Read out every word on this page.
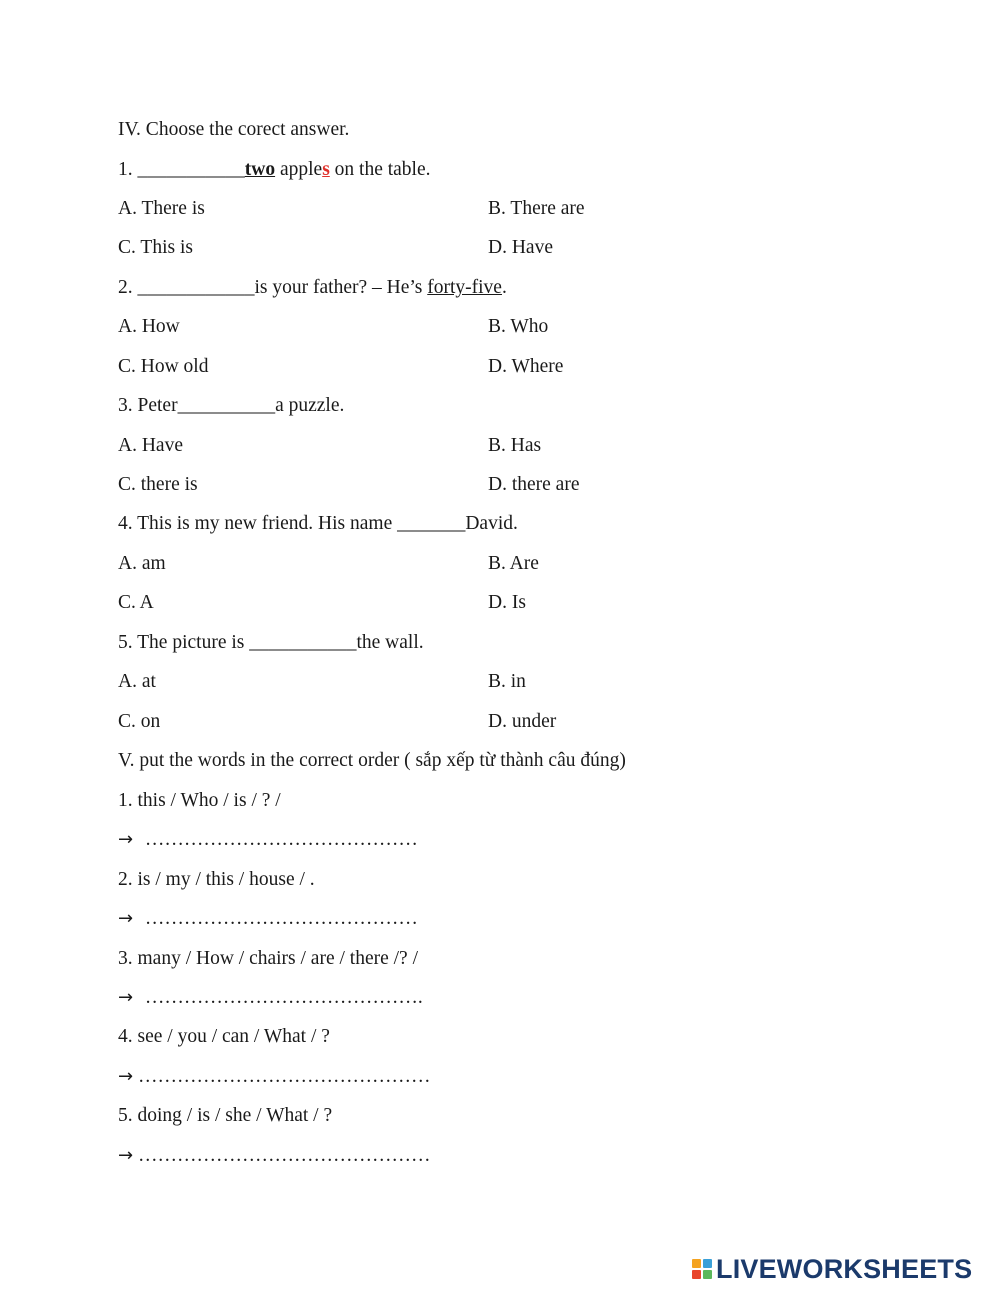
IV. Choose the corect answer.
1. ___________two apples on the table.
A. There is	B. There are
C. This is	D. Have
2. ____________is your father? – He’s forty-five.
A. How	B. Who
C. How old	D. Where
3. Peter__________a puzzle.
A. Have	B. Has
C. there is	D. there are
4. This is my new friend. His name _______David.
A. am	B. Are
C. A	D. Is
5. The picture is ___________the wall.
A. at	B. in
C. on	D. under
V. put the words in the correct order ( sắp xếp từ thành câu đúng)
1. this / Who / is / ? /
→ ……………………………………
2. is / my / this / house / .
→ ……………………………………
3. many / How / chairs / are / there /? /
→ …………………………………….
4. see / you / can / What / ?
→ ………………………………………
5. doing / is / she / What / ?
→ ………………………………………
LIVEWORKSHEETS
